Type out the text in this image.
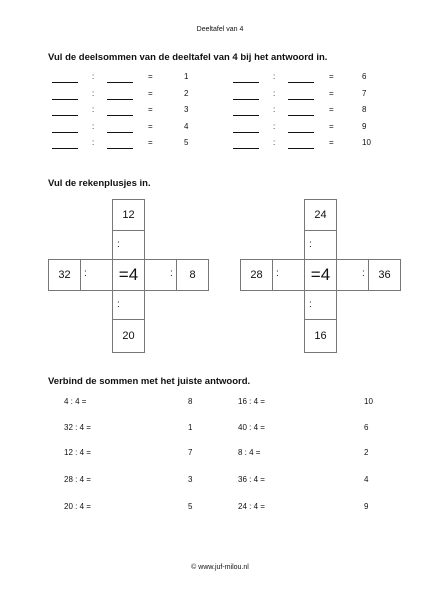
Deeltafel van 4
Vul de deelsommen van de deeltafel van 4 bij het antwoord in.
:	=	1
:	=	2
:	=	3
:	=	4
:	=	5
:	=	6
:	=	7
:	=	8
:	=	9
:	=	10
Vul de rekenplusjes in.
12
:
32	:	=4	:	8
:
20
24
:
28	:	=4	:	36
:
16
Verbind de sommen met het juiste antwoord.
4 : 4 =	8	16 : 4 =	10
32 : 4 =	1	40 : 4 =	6
12 : 4 =	7	8 : 4 =	2
28 : 4 =	3	36 : 4 =	4
20 : 4 =	5	24 : 4 =	9
© www.juf-milou.nl
